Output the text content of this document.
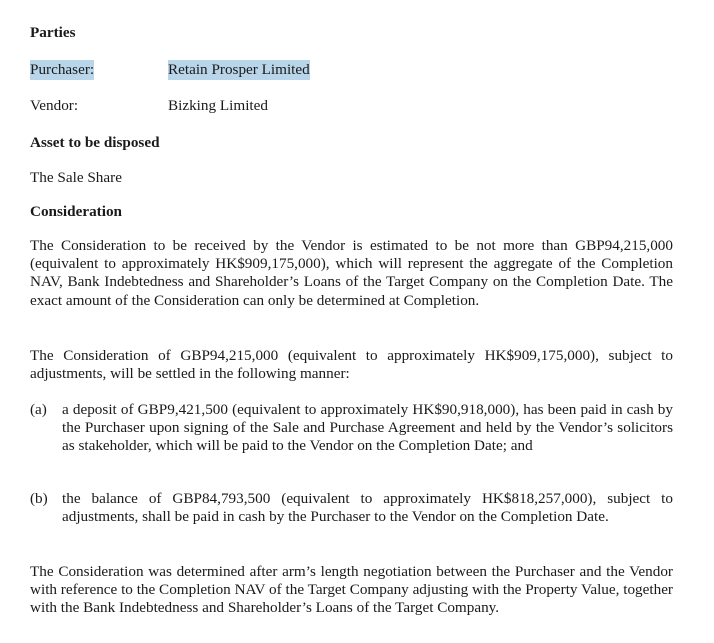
Parties
Purchaser:	Retain Prosper Limited
Vendor:	Bizking Limited
Asset to be disposed
The Sale Share
Consideration
The Consideration to be received by the Vendor is estimated to be not more than GBP94,215,000 (equivalent to approximately HK$909,175,000), which will represent the aggregate of the Completion NAV, Bank Indebtedness and Shareholder’s Loans of the Target Company on the Completion Date. The exact amount of the Consideration can only be determined at Completion.
The Consideration of GBP94,215,000 (equivalent to approximately HK$909,175,000), subject to adjustments, will be settled in the following manner:
(a) a deposit of GBP9,421,500 (equivalent to approximately HK$90,918,000), has been paid in cash by the Purchaser upon signing of the Sale and Purchase Agreement and held by the Vendor’s solicitors as stakeholder, which will be paid to the Vendor on the Completion Date; and
(b) the balance of GBP84,793,500 (equivalent to approximately HK$818,257,000), subject to adjustments, shall be paid in cash by the Purchaser to the Vendor on the Completion Date.
The Consideration was determined after arm’s length negotiation between the Purchaser and the Vendor with reference to the Completion NAV of the Target Company adjusting with the Property Value, together with the Bank Indebtedness and Shareholder’s Loans of the Target Company.
